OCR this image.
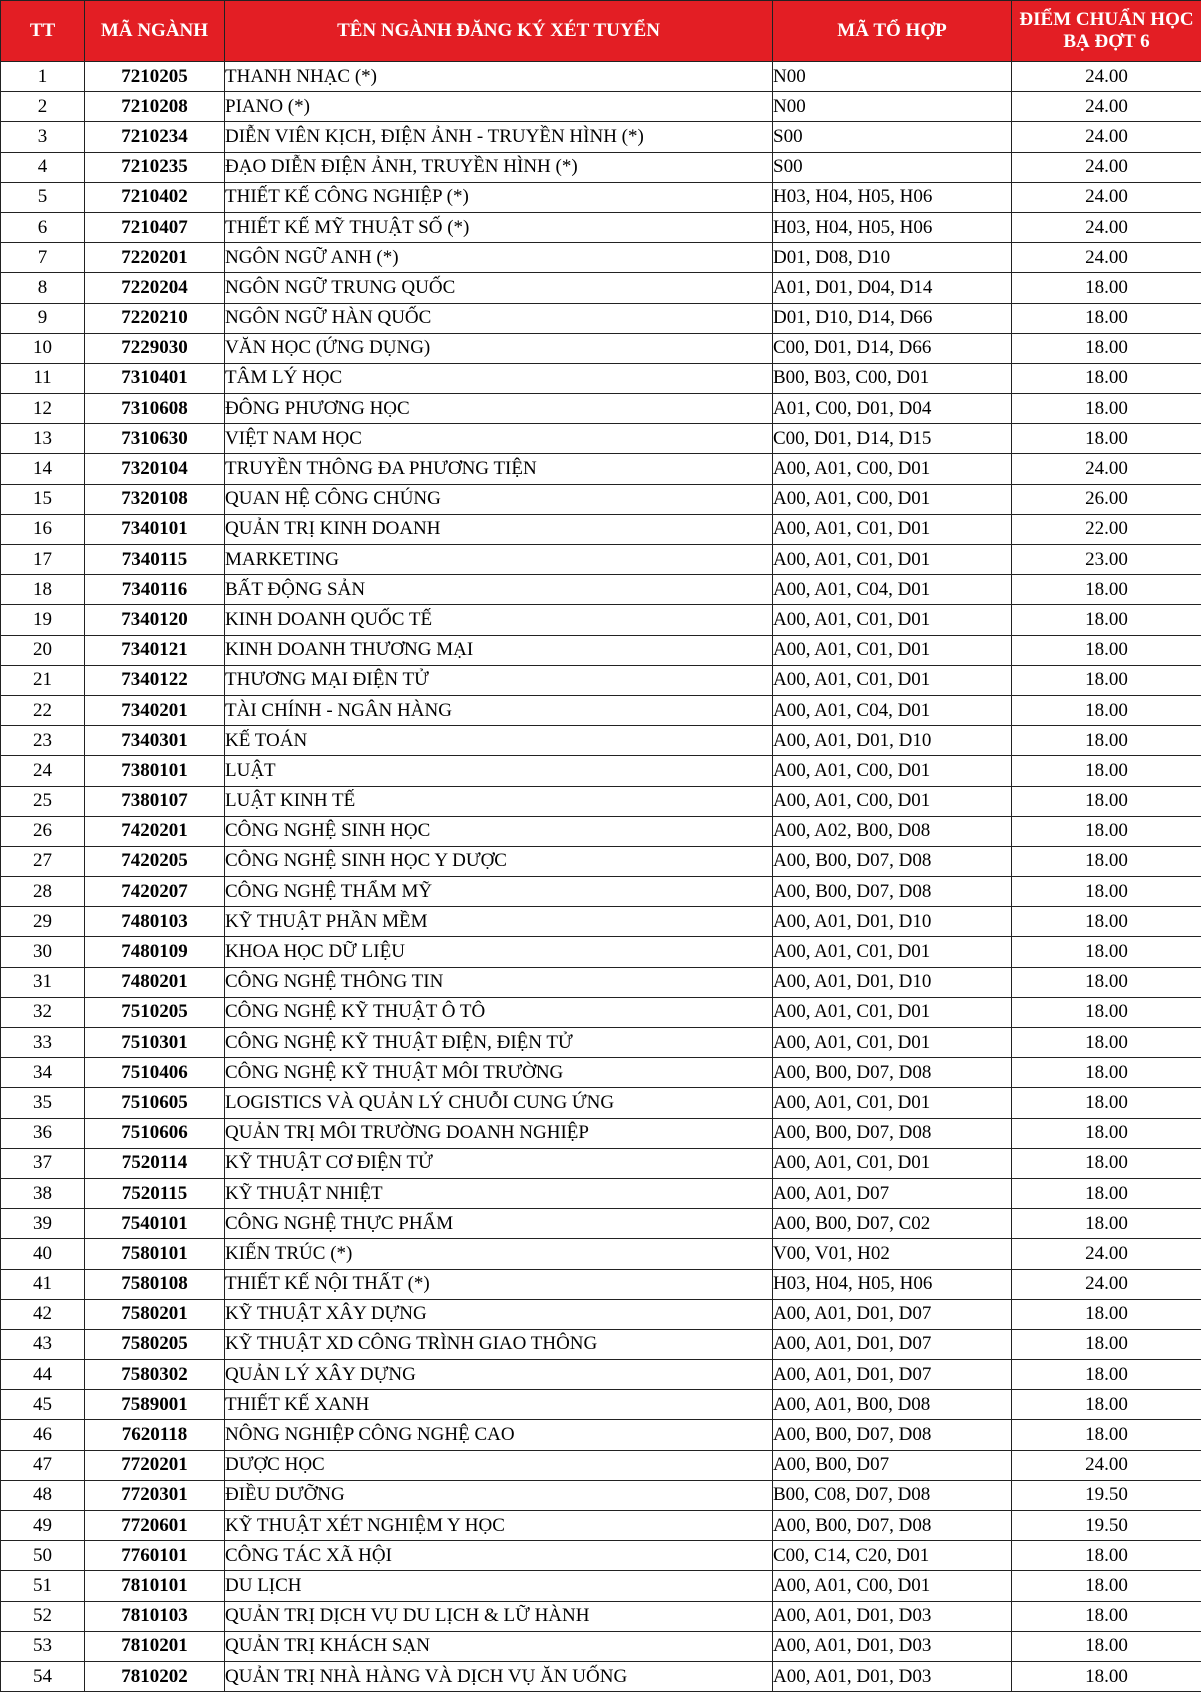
TT	MÃ NGÀNH	TÊN NGÀNH ĐĂNG KÝ XÉT TUYỂN	MÃ TỔ HỢP	ĐIỂM CHUẨN HỌC BẠ ĐỢT 6
1	7210205	THANH NHẠC (*)	N00	24.00
2	7210208	PIANO (*)	N00	24.00
3	7210234	DIỄN VIÊN KỊCH, ĐIỆN ẢNH - TRUYỀN HÌNH (*)	S00	24.00
4	7210235	ĐẠO DIỄN ĐIỆN ẢNH, TRUYỀN HÌNH (*)	S00	24.00
5	7210402	THIẾT KẾ CÔNG NGHIỆP (*)	H03, H04, H05, H06	24.00
6	7210407	THIẾT KẾ MỸ THUẬT SỐ (*)	H03, H04, H05, H06	24.00
7	7220201	NGÔN NGỮ ANH (*)	D01, D08, D10	24.00
8	7220204	NGÔN NGỮ TRUNG QUỐC	A01, D01, D04, D14	18.00
9	7220210	NGÔN NGỮ HÀN QUỐC	D01, D10, D14, D66	18.00
10	7229030	VĂN HỌC (ỨNG DỤNG)	C00, D01, D14, D66	18.00
11	7310401	TÂM LÝ HỌC	B00, B03, C00, D01	18.00
12	7310608	ĐÔNG PHƯƠNG HỌC	A01, C00, D01, D04	18.00
13	7310630	VIỆT NAM HỌC	C00, D01, D14, D15	18.00
14	7320104	TRUYỀN THÔNG ĐA PHƯƠNG TIỆN	A00, A01, C00, D01	24.00
15	7320108	QUAN HỆ CÔNG CHÚNG	A00, A01, C00, D01	26.00
16	7340101	QUẢN TRỊ KINH DOANH	A00, A01, C01, D01	22.00
17	7340115	MARKETING	A00, A01, C01, D01	23.00
18	7340116	BẤT ĐỘNG SẢN	A00, A01, C04, D01	18.00
19	7340120	KINH DOANH QUỐC TẾ	A00, A01, C01, D01	18.00
20	7340121	KINH DOANH THƯƠNG MẠI	A00, A01, C01, D01	18.00
21	7340122	THƯƠNG MẠI ĐIỆN TỬ	A00, A01, C01, D01	18.00
22	7340201	TÀI CHÍNH - NGÂN HÀNG	A00, A01, C04, D01	18.00
23	7340301	KẾ TOÁN	A00, A01, D01, D10	18.00
24	7380101	LUẬT	A00, A01, C00, D01	18.00
25	7380107	LUẬT KINH TẾ	A00, A01, C00, D01	18.00
26	7420201	CÔNG NGHỆ SINH HỌC	A00, A02, B00, D08	18.00
27	7420205	CÔNG NGHỆ SINH HỌC Y DƯỢC	A00, B00, D07, D08	18.00
28	7420207	CÔNG NGHỆ THẨM MỸ	A00, B00, D07, D08	18.00
29	7480103	KỸ THUẬT PHẦN MỀM	A00, A01, D01, D10	18.00
30	7480109	KHOA HỌC DỮ LIỆU	A00, A01, C01, D01	18.00
31	7480201	CÔNG NGHỆ THÔNG TIN	A00, A01, D01, D10	18.00
32	7510205	CÔNG NGHỆ KỸ THUẬT Ô TÔ	A00, A01, C01, D01	18.00
33	7510301	CÔNG NGHỆ KỸ THUẬT ĐIỆN, ĐIỆN TỬ	A00, A01, C01, D01	18.00
34	7510406	CÔNG NGHỆ KỸ THUẬT MÔI TRƯỜNG	A00, B00, D07, D08	18.00
35	7510605	LOGISTICS VÀ QUẢN LÝ CHUỖI CUNG ỨNG	A00, A01, C01, D01	18.00
36	7510606	QUẢN TRỊ MÔI TRƯỜNG DOANH NGHIỆP	A00, B00, D07, D08	18.00
37	7520114	KỸ THUẬT CƠ ĐIỆN TỬ	A00, A01, C01, D01	18.00
38	7520115	KỸ THUẬT NHIỆT	A00, A01, D07	18.00
39	7540101	CÔNG NGHỆ THỰC PHẨM	A00, B00, D07, C02	18.00
40	7580101	KIẾN TRÚC (*)	V00, V01, H02	24.00
41	7580108	THIẾT KẾ NỘI THẤT (*)	H03, H04, H05, H06	24.00
42	7580201	KỸ THUẬT XÂY DỰNG	A00, A01, D01, D07	18.00
43	7580205	KỸ THUẬT XD CÔNG TRÌNH GIAO THÔNG	A00, A01, D01, D07	18.00
44	7580302	QUẢN LÝ XÂY DỰNG	A00, A01, D01, D07	18.00
45	7589001	THIẾT KẾ XANH	A00, A01, B00, D08	18.00
46	7620118	NÔNG NGHIỆP CÔNG NGHỆ CAO	A00, B00, D07, D08	18.00
47	7720201	DƯỢC HỌC	A00, B00, D07	24.00
48	7720301	ĐIỀU DƯỠNG	B00, C08, D07, D08	19.50
49	7720601	KỸ THUẬT XÉT NGHIỆM Y HỌC	A00, B00, D07, D08	19.50
50	7760101	CÔNG TÁC XÃ HỘI	C00, C14, C20, D01	18.00
51	7810101	DU LỊCH	A00, A01, C00, D01	18.00
52	7810103	QUẢN TRỊ DỊCH VỤ DU LỊCH & LỮ HÀNH	A00, A01, D01, D03	18.00
53	7810201	QUẢN TRỊ KHÁCH SẠN	A00, A01, D01, D03	18.00
54	7810202	QUẢN TRỊ NHÀ HÀNG VÀ DỊCH VỤ ĂN UỐNG	A00, A01, D01, D03	18.00
